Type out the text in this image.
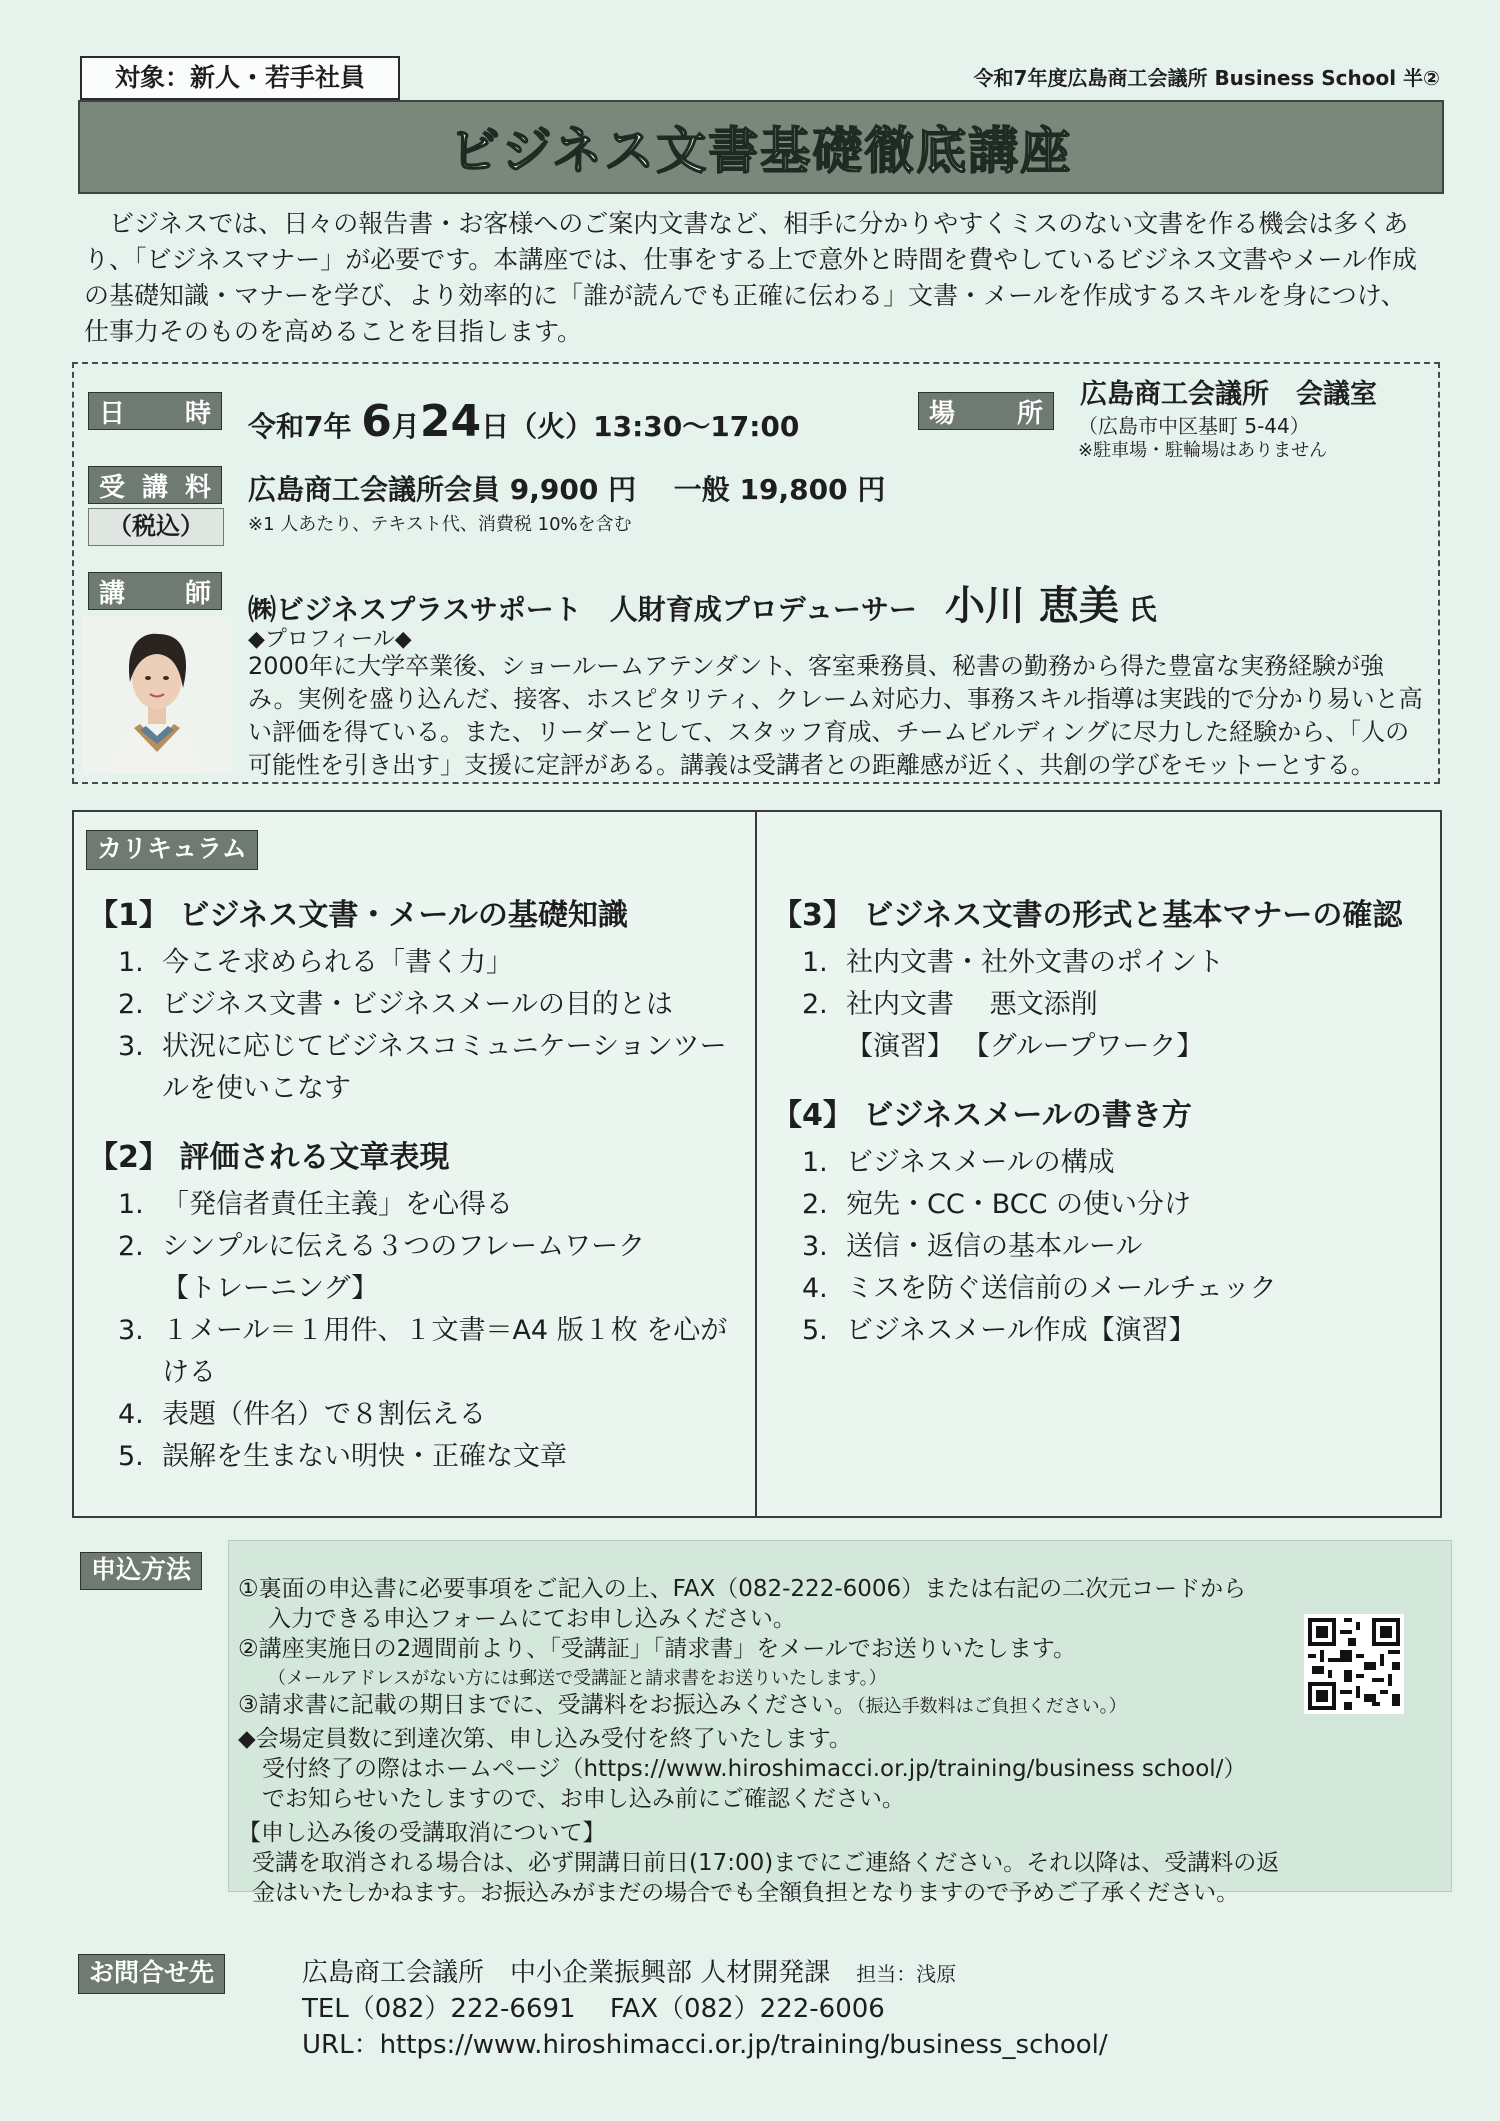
対象：新人・若手社員	令和7年度広島商工会議所 Business School 半②
ビジネス文書基礎徹底講座

ビジネスでは、日々の報告書・お客様へのご案内文書など、相手に分かりやすくミスのない文書を作る機会は多くあり、「ビジネスマナー」が必要です。本講座では、仕事をする上で意外と時間を費やしているビジネス文書やメール作成の基礎知識・マナーを学び、より効率的に「誰が読んでも正確に伝わる」文書・メールを作成するスキルを身につけ、仕事力そのものを高めることを目指します。

日 時 令和7年 6月24日（火）13:30～17:00	場 所
広島商工会議所　会議室
（広島市中区基町 5-44）
※駐車場・駐輪場はありません
受 講 料
（税込）
広島商工会議所会員 9,900 円　 一般 19,800 円
※1 人あたり、テキスト代、消費税 10%を含む
講 師 ㈱ビジネスプラスサポート　人財育成プロデューサー　小川 恵美 氏
◆プロフィール◆

2000年に大学卒業後、ショールームアテンダント、客室乗務員、秘書の勤務から得た豊富な実務経験が強み。実例を盛り込んだ、接客、ホスピタリティ、クレーム対応力、事務スキル指導は実践的で分かり易いと高い評価を得ている。また、リーダーとして、スタッフ育成、チームビルディングに尽力した経験から、「人の可能性を引き出す」支援に定評がある。講義は受講者との距離感が近く、共創の学びをモットーとする。

カリキュラム
【1】 ビジネス文書・メールの基礎知識
1. 今こそ求められる「書く力」
2. ビジネス文書・ビジネスメールの目的とは
3. 状況に応じてビジネスコミュニケーションツールを使いこなす
【2】 評価される文章表現
1. 「発信者責任主義」を心得る
2. シンプルに伝える３つのフレームワーク
【トレーニング】
3. １メール＝１用件、１文書＝A4 版１枚 を心がける
4. 表題（件名）で８割伝える
5. 誤解を生まない明快・正確な文章
【3】 ビジネス文書の形式と基本マナーの確認
1. 社内文書・社外文書のポイント
2. 社内文書　 悪文添削
【演習】 【グループワーク】
【4】 ビジネスメールの書き方
1. ビジネスメールの構成
2. 宛先・CC・BCC の使い分け
3. 送信・返信の基本ルール
4. ミスを防ぐ送信前のメールチェック
5. ビジネスメール作成【演習】
申込方法
①裏面の申込書に必要事項をご記入の上、FAX（082-222-6006）または右記の二次元コードから
入力できる申込フォームにてお申し込みください。
②講座実施日の2週間前より、「受講証」「請求書」をメールでお送りいたします。
（メールアドレスがない方には郵送で受講証と請求書をお送りいたします。）
③請求書に記載の期日までに、受講料をお振込みください。（振込手数料はご負担ください。）
◆会場定員数に到達次第、申し込み受付を終了いたします。
受付終了の際はホームページ（https://www.hiroshimacci.or.jp/training/business school/）
でお知らせいたしますので、お申し込み前にご確認ください。
【申し込み後の受講取消について】
受講を取消される場合は、必ず開講日前日(17:00)までにご連絡ください。それ以降は、受講料の返
金はいたしかねます。お振込みがまだの場合でも全額負担となりますので予めご了承ください。
お問合せ先	広島商工会議所　中小企業振興部 人材開発課　担当：浅原
TEL（082）222-6691　 FAX（082）222-6006
URL：https://www.hiroshimacci.or.jp/training/business_school/
